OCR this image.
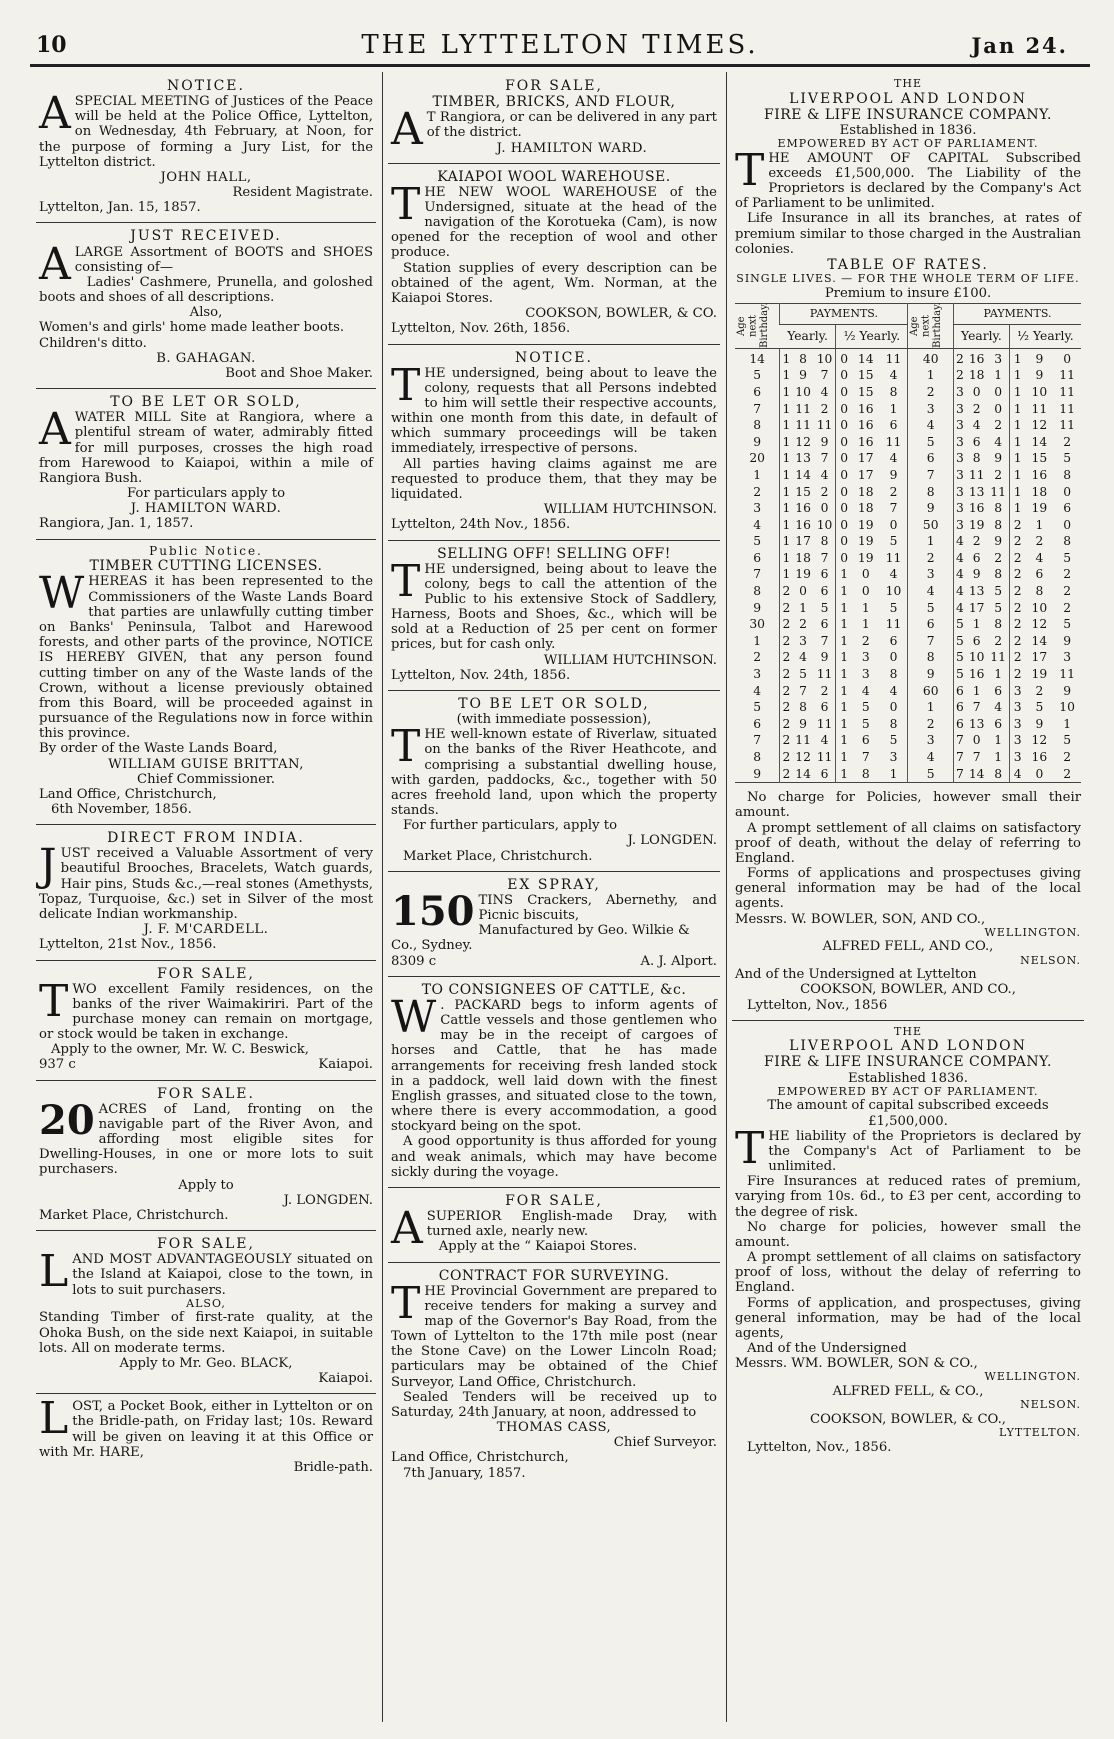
10	THE LYTTELTON TIMES.	Jan 24.
NOTICE.
A SPECIAL MEETING of Justices of the Peace will be held at the Police Office, Lyttelton, on Wednesday, 4th February, at Noon, for the purpose of forming a Jury List, for the Lyttelton district.
JOHN HALL,
Resident Magistrate.
Lyttelton, Jan. 15, 1857.
JUST RECEIVED.
A LARGE Assortment of BOOTS and SHOES consisting of—
Ladies' Cashmere, Prunella, and goloshed boots and shoes of all descriptions.
Also,
Women's and girls' home made leather boots.
Children's ditto.
B. GAHAGAN.
Boot and Shoe Maker.
TO BE LET OR SOLD,
A WATER MILL Site at Rangiora, where a plentiful stream of water, admirably fitted for mill purposes, crosses the high road from Harewood to Kaiapoi, within a mile of Rangiora Bush.
For particulars apply to
J. HAMILTON WARD.
Rangiora, Jan. 1, 1857.
Public Notice.
TIMBER CUTTING LICENSES.
W HEREAS it has been represented to the Commissioners of the Waste Lands Board that parties are unlawfully cutting timber on Banks' Peninsula, Talbot and Harewood forests, and other parts of the province, NOTICE IS HEREBY GIVEN, that any person found cutting timber on any of the Waste lands of the Crown, without a license previously obtained from this Board, will be proceeded against in pursuance of the Regulations now in force within this province.
By order of the Waste Lands Board,
WILLIAM GUISE BRITTAN,
Chief Commissioner.
Land Office, Christchurch,
6th November, 1856.
DIRECT FROM INDIA.
J UST received a Valuable Assortment of very beautiful Brooches, Bracelets, Watch guards, Hair pins, Studs &c.,—real stones (Amethysts, Topaz, Turquoise, &c.) set in Silver of the most delicate Indian workmanship.
J. F. M'CARDELL.
Lyttelton, 21st Nov., 1856.
FOR SALE,
T WO excellent Family residences, on the banks of the river Waimakiriri. Part of the purchase money can remain on mortgage, or stock would be taken in exchange.
Apply to the owner, Mr. W. C. Beswick,
937 c	Kaiapoi.
FOR SALE.
20 ACRES of Land, fronting on the navigable part of the River Avon, and affording most eligible sites for Dwelling-Houses, in one or more lots to suit purchasers.
Apply to
J. LONGDEN.
Market Place, Christchurch.
FOR SALE,
L AND MOST ADVANTAGEOUSLY situated on the Island at Kaiapoi, close to the town, in lots to suit purchasers.
ALSO,
Standing Timber of first-rate quality, at the Ohoka Bush, on the side next Kaiapoi, in suitable lots. All on moderate terms.
Apply to Mr. Geo. BLACK,
Kaiapoi.
L OST, a Pocket Book, either in Lyttelton or on the Bridle-path, on Friday last; 10s. Reward will be given on leaving it at this Office or with Mr. HARE,
Bridle-path.
FOR SALE,
TIMBER, BRICKS, AND FLOUR,
A T Rangiora, or can be delivered in any part of the district.
J. HAMILTON WARD.
KAIAPOI WOOL WAREHOUSE.
T HE NEW WOOL WAREHOUSE of the Undersigned, situate at the head of the navigation of the Korotueka (Cam), is now opened for the reception of wool and other produce.
Station supplies of every description can be obtained of the agent, Wm. Norman, at the Kaiapoi Stores.
COOKSON, BOWLER, & CO.
Lyttelton, Nov. 26th, 1856.
NOTICE.
T HE undersigned, being about to leave the colony, requests that all Persons indebted to him will settle their respective accounts, within one month from this date, in default of which summary proceedings will be taken immediately, irrespective of persons.
All parties having claims against me are requested to produce them, that they may be liquidated.
WILLIAM HUTCHINSON.
Lyttelton, 24th Nov., 1856.
SELLING OFF! SELLING OFF!
T HE undersigned, being about to leave the colony, begs to call the attention of the Public to his extensive Stock of Saddlery, Harness, Boots and Shoes, &c., which will be sold at a Reduction of 25 per cent on former prices, but for cash only.
WILLIAM HUTCHINSON.
Lyttelton, Nov. 24th, 1856.
TO BE LET OR SOLD,
(with immediate possession),
T HE well-known estate of Riverlaw, situated on the banks of the River Heathcote, and comprising a substantial dwelling house, with garden, paddocks, &c., together with 50 acres freehold land, upon which the property stands.
For further particulars, apply to
J. LONGDEN.
Market Place, Christchurch.
EX SPRAY,
150 TINS Crackers, Abernethy, and Picnic biscuits,
Manufactured by Geo. Wilkie & Co., Sydney.
8309 c	A. J. Alport.
TO CONSIGNEES OF CATTLE, &c.
W . PACKARD begs to inform agents of Cattle vessels and those gentlemen who may be in the receipt of cargoes of horses and Cattle, that he has made arrangements for receiving fresh landed stock in a paddock, well laid down with the finest English grasses, and situated close to the town, where there is every accommodation, a good stockyard being on the spot.
A good opportunity is thus afforded for young and weak animals, which may have become sickly during the voyage.
FOR SALE,
A SUPERIOR English-made Dray, with turned axle, nearly new.
Apply at the “ Kaiapoi Stores.
CONTRACT FOR SURVEYING.
T HE Provincial Government are prepared to receive tenders for making a survey and map of the Governor's Bay Road, from the Town of Lyttelton to the 17th mile post (near the Stone Cave) on the Lower Lincoln Road; particulars may be obtained of the Chief Surveyor, Land Office, Christchurch.
Sealed Tenders will be received up to Saturday, 24th January, at noon, addressed to
THOMAS CASS,
Chief Surveyor.
Land Office, Christchurch,
7th January, 1857.
THE
LIVERPOOL AND LONDON
FIRE & LIFE INSURANCE COMPANY.
Established in 1836.
EMPOWERED BY ACT OF PARLIAMENT.
T HE AMOUNT OF CAPITAL Subscribed exceeds £1,500,000. The Liability of the Proprietors is declared by the Company's Act of Parliament to be unlimited.
Life Insurance in all its branches, at rates of premium similar to those charged in the Australian colonies.
TABLE OF RATES.
SINGLE LIVES. — FOR THE WHOLE TERM OF LIFE.
Premium to insure £100.
Age next Birthday.	PAYMENTS.						Age next Birthday.	PAYMENTS.					
	Yearly.			½ Yearly.				Yearly.			½ Yearly.		
14	1	8	10	0	14	11	40	2	16	3	1	9	0
5	1	9	7	0	15	4	1	2	18	1	1	9	11
6	1	10	4	0	15	8	2	3	0	0	1	10	11
7	1	11	2	0	16	1	3	3	2	0	1	11	11
8	1	11	11	0	16	6	4	3	4	2	1	12	11
9	1	12	9	0	16	11	5	3	6	4	1	14	2
20	1	13	7	0	17	4	6	3	8	9	1	15	5
1	1	14	4	0	17	9	7	3	11	2	1	16	8
2	1	15	2	0	18	2	8	3	13	11	1	18	0
3	1	16	0	0	18	7	9	3	16	8	1	19	6
4	1	16	10	0	19	0	50	3	19	8	2	1	0
5	1	17	8	0	19	5	1	4	2	9	2	2	8
6	1	18	7	0	19	11	2	4	6	2	2	4	5
7	1	19	6	1	0	4	3	4	9	8	2	6	2
8	2	0	6	1	0	10	4	4	13	5	2	8	2
9	2	1	5	1	1	5	5	4	17	5	2	10	2
30	2	2	6	1	1	11	6	5	1	8	2	12	5
1	2	3	7	1	2	6	7	5	6	2	2	14	9
2	2	4	9	1	3	0	8	5	10	11	2	17	3
3	2	5	11	1	3	8	9	5	16	1	2	19	11
4	2	7	2	1	4	4	60	6	1	6	3	2	9
5	2	8	6	1	5	0	1	6	7	4	3	5	10
6	2	9	11	1	5	8	2	6	13	6	3	9	1
7	2	11	4	1	6	5	3	7	0	1	3	12	5
8	2	12	11	1	7	3	4	7	7	1	3	16	2
9	2	14	6	1	8	1	5	7	14	8	4	0	2
No charge for Policies, however small their amount.
A prompt settlement of all claims on satisfactory proof of death, without the delay of referring to England.
Forms of applications and prospectuses giving general information may be had of the local agents.
Messrs. W. BOWLER, SON, AND CO.,
WELLINGTON.
ALFRED FELL, AND CO.,
NELSON.
And of the Undersigned at Lyttelton
COOKSON, BOWLER, AND CO.,
Lyttelton, Nov., 1856
THE
LIVERPOOL AND LONDON
FIRE & LIFE INSURANCE COMPANY.
Established 1836.
EMPOWERED BY ACT OF PARLIAMENT.
The amount of capital subscribed exceeds
£1,500,000.
T HE liability of the Proprietors is declared by the Company's Act of Parliament to be unlimited.
Fire Insurances at reduced rates of premium, varying from 10s. 6d., to £3 per cent, according to the degree of risk.
No charge for policies, however small the amount.
A prompt settlement of all claims on satisfactory proof of loss, without the delay of referring to England.
Forms of application, and prospectuses, giving general information, may be had of the local agents,
And of the Undersigned
Messrs. WM. BOWLER, SON & CO.,
WELLINGTON.
ALFRED FELL, & CO.,
NELSON.
COOKSON, BOWLER, & CO.,
LYTTELTON.
Lyttelton, Nov., 1856.
